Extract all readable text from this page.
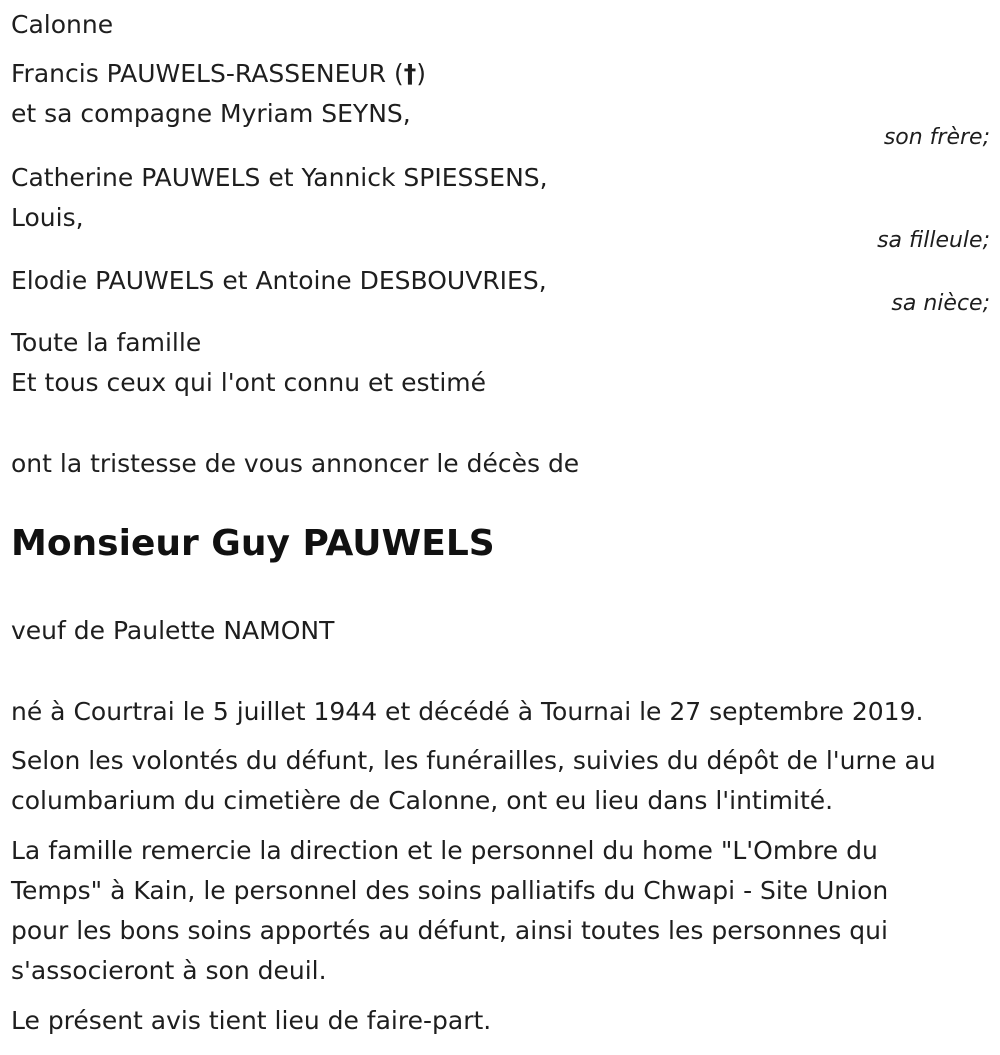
Calonne
Francis PAUWELS-RASSENEUR (†)
et sa compagne Myriam SEYNS,
son frère;
Catherine PAUWELS et Yannick SPIESSENS,
Louis,
sa filleule;
Elodie PAUWELS et Antoine DESBOUVRIES,
sa nièce;
Toute la famille
Et tous ceux qui l'ont connu et estimé
ont la tristesse de vous annoncer le décès de
Monsieur Guy PAUWELS
veuf de Paulette NAMONT
né à Courtrai le 5 juillet 1944 et décédé à Tournai le 27 septembre 2019.
Selon les volontés du défunt, les funérailles, suivies du dépôt de l'urne au
columbarium du cimetière de Calonne, ont eu lieu dans l'intimité.
La famille remercie la direction et le personnel du home "L'Ombre du
Temps" à Kain, le personnel des soins palliatifs du Chwapi - Site Union
pour les bons soins apportés au défunt, ainsi toutes les personnes qui
s'associeront à son deuil.
Le présent avis tient lieu de faire-part.
